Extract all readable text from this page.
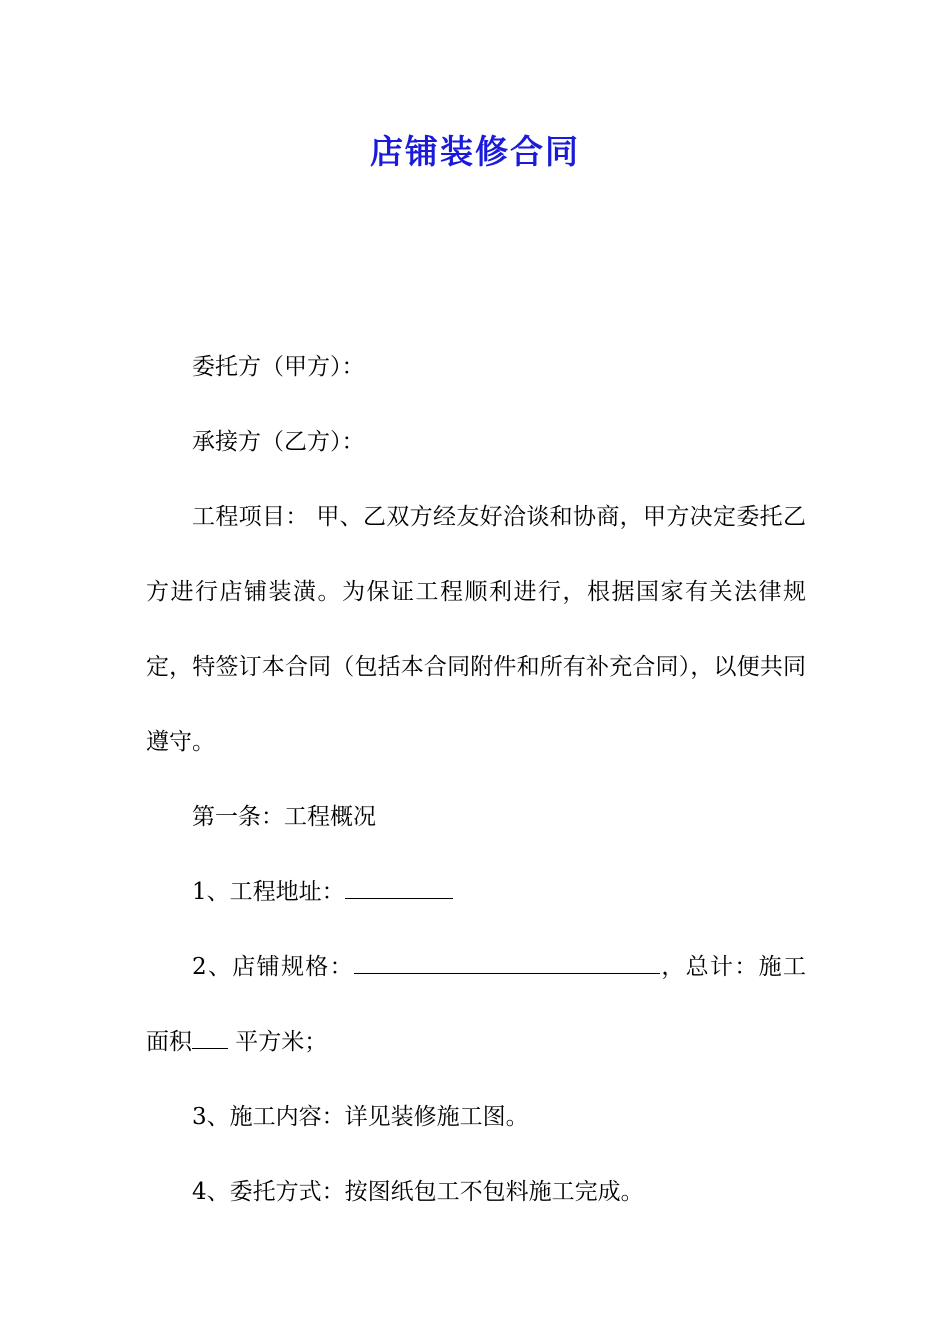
店铺装修合同

委托方（甲方）：

承接方（乙方）：

工程项目： 甲、乙双方经友好洽谈和协商，甲方决定委托乙方进行店铺装潢。为保证工程顺利进行，根据国家有关法律规定，特签订本合同（包括本合同附件和所有补充合同），以便共同遵守。

第一条：工程概况

1、工程地址：

2、店铺规格：	，总计：施工面积 平方米；

3、施工内容：详见装修施工图。

4、委托方式：按图纸包工不包料施工完成。
